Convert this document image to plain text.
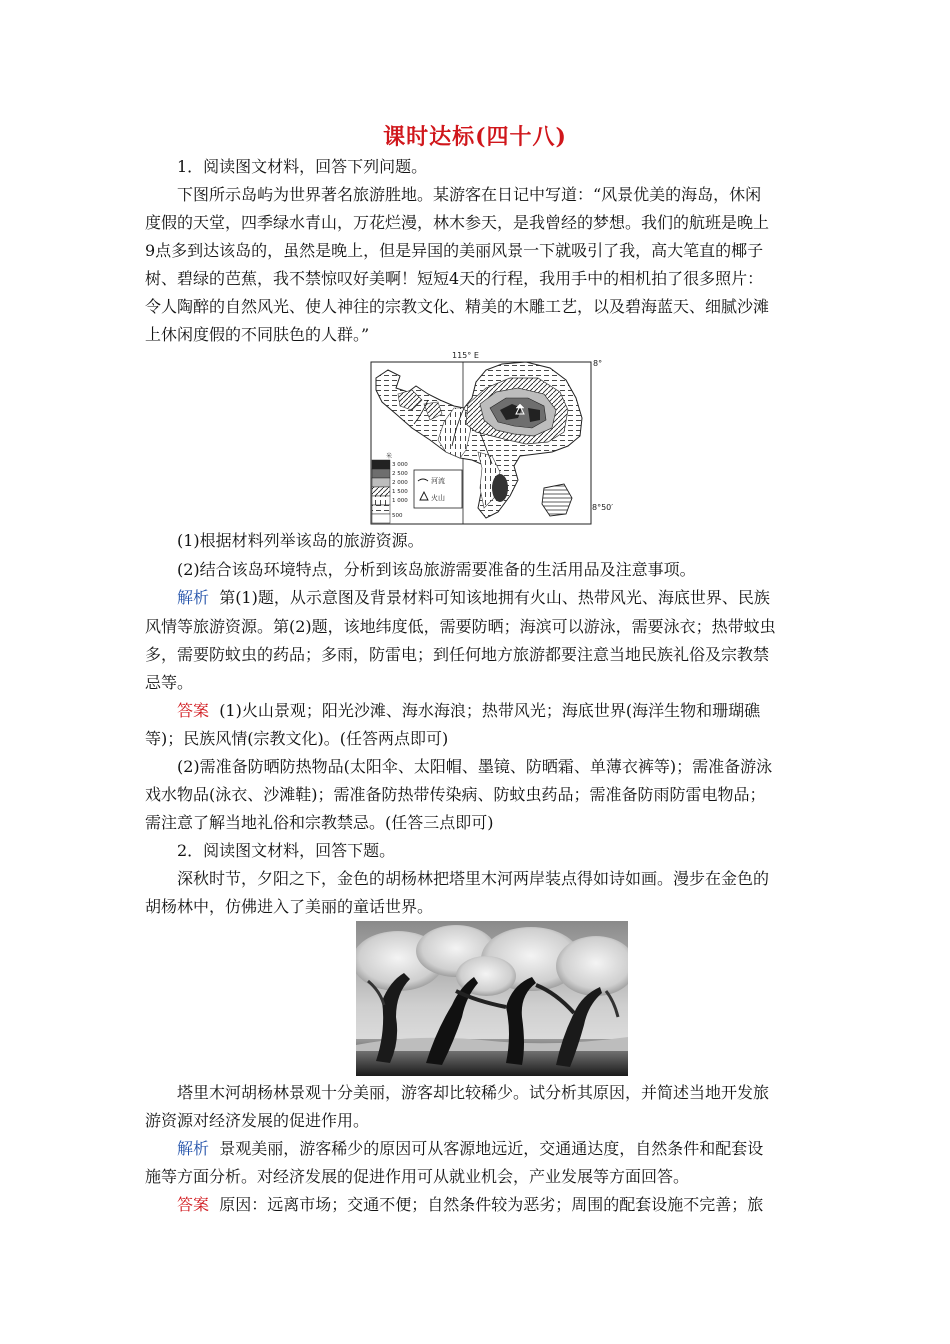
课时达标(四十八)
1．阅读图文材料，回答下列问题。
下图所示岛屿为世界著名旅游胜地。某游客在日记中写道：“风景优美的海岛，休闲
度假的天堂，四季绿水青山，万花烂漫，林木参天，是我曾经的梦想。我们的航班是晚上
9点多到达该岛的，虽然是晚上，但是异国的美丽风景一下就吸引了我，高大笔直的椰子
树、碧绿的芭蕉，我不禁惊叹好美啊！短短4天的行程，我用手中的相机拍了很多照片：
令人陶醉的自然风光、使人神往的宗教文化、精美的木雕工艺，以及碧海蓝天、细腻沙滩
上休闲度假的不同肤色的人群。”
115° E
8°
8°50′
米
3 000
2 500
2 000
1 500
1 000
500
河流
火山
(1)根据材料列举该岛的旅游资源。
(2)结合该岛环境特点，分析到该岛旅游需要准备的生活用品及注意事项。
解析 第(1)题，从示意图及背景材料可知该地拥有火山、热带风光、海底世界、民族
风情等旅游资源。第(2)题，该地纬度低，需要防晒；海滨可以游泳，需要泳衣；热带蚊虫
多，需要防蚊虫的药品；多雨，防雷电；到任何地方旅游都要注意当地民族礼俗及宗教禁
忌等。
答案 (1)火山景观；阳光沙滩、海水海浪；热带风光；海底世界(海洋生物和珊瑚礁
等)；民族风情(宗教文化)。(任答两点即可)
(2)需准备防晒防热物品(太阳伞、太阳帽、墨镜、防晒霜、单薄衣裤等)；需准备游泳
戏水物品(泳衣、沙滩鞋)；需准备防热带传染病、防蚊虫药品；需准备防雨防雷电物品；
需注意了解当地礼俗和宗教禁忌。(任答三点即可)
2．阅读图文材料，回答下题。
深秋时节，夕阳之下，金色的胡杨林把塔里木河两岸装点得如诗如画。漫步在金色的
胡杨林中，仿佛进入了美丽的童话世界。
塔里木河胡杨林景观十分美丽，游客却比较稀少。试分析其原因，并简述当地开发旅
游资源对经济发展的促进作用。
解析 景观美丽，游客稀少的原因可从客源地远近，交通通达度，自然条件和配套设
施等方面分析。对经济发展的促进作用可从就业机会，产业发展等方面回答。
答案 原因：远离市场；交通不便；自然条件较为恶劣；周围的配套设施不完善；旅
